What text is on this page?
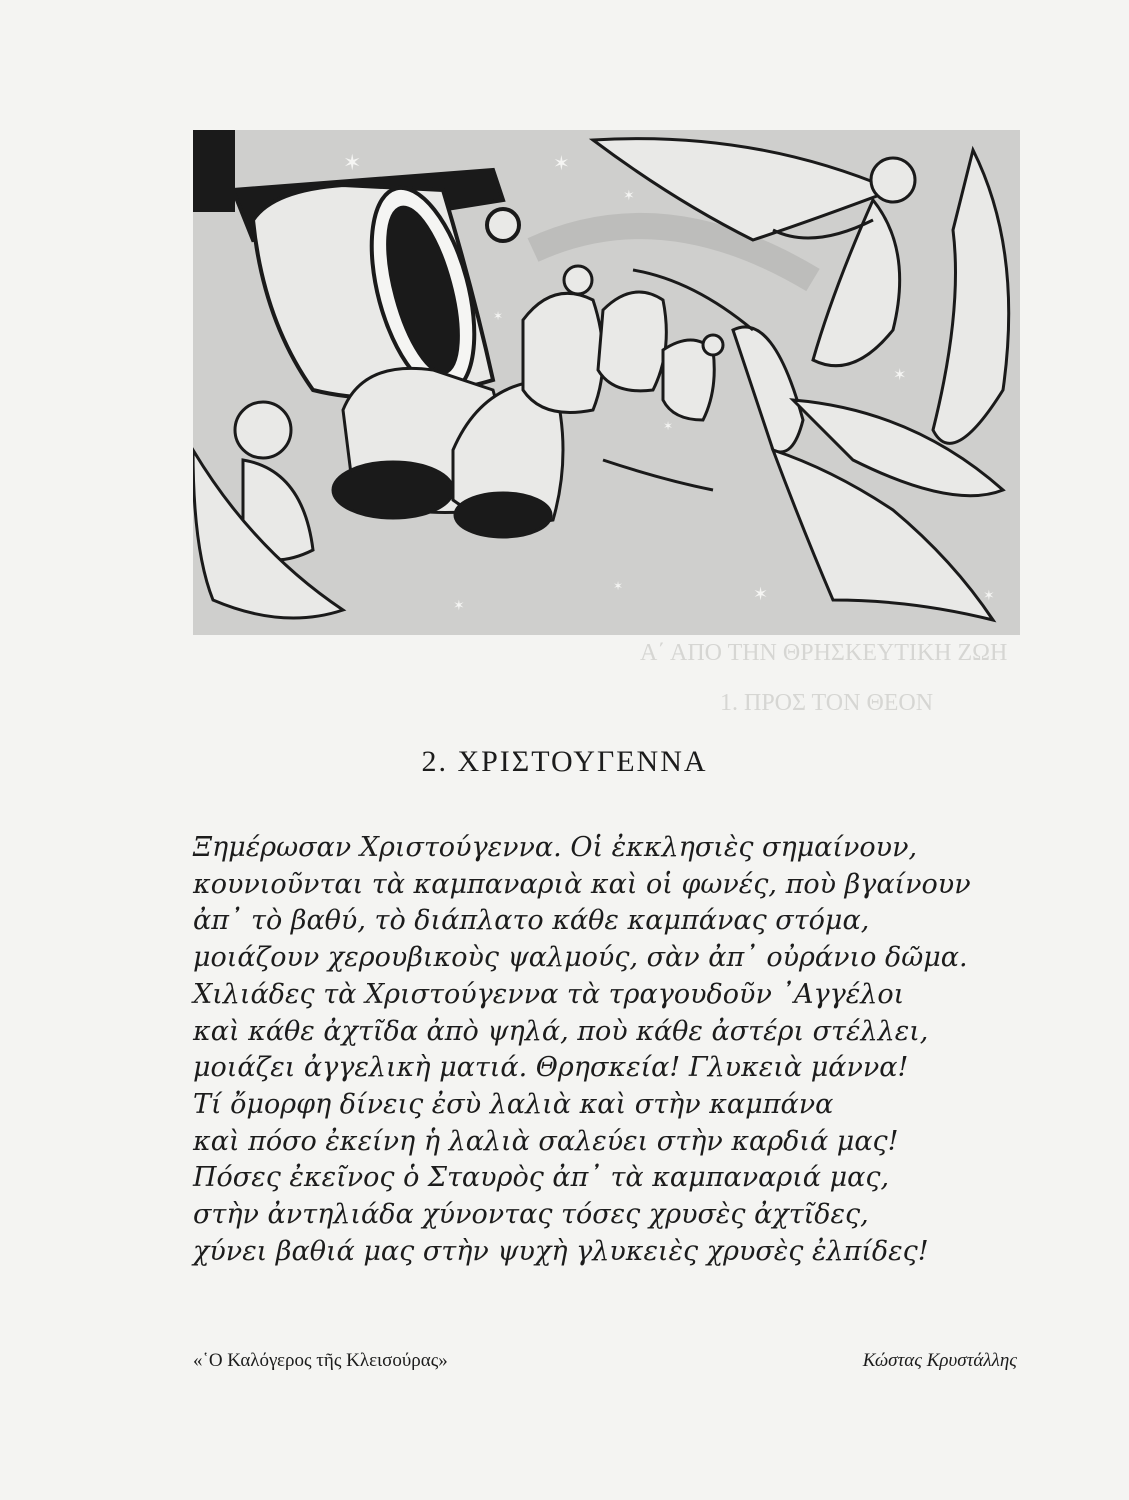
Α΄ ΑΠΟ ΤΗΝ ΘΡΗΣΚΕΥΤΙΚΗ ΖΩΗ
1. ΠΡΟΣ ΤΟΝ ΘΕΟΝ
✶	✶
✶
✶
✶
✶
✶
✶
✶
✶
✶
2. ΧΡΙΣΤΟΥΓΕΝΝΑ
Ξημέρωσαν Χριστούγεννα. Οἱ ἐκκλησιὲς σημαίνουν,
κουνιοῦνται τὰ καμπαναριὰ καὶ οἱ φωνές, ποὺ βγαίνουν
ἀπ᾿ τὸ βαθύ, τὸ διάπλατο κάθε καμπάνας στόμα,
μοιάζουν χερουβικοὺς ψαλμούς, σὰν ἀπ᾿ οὐράνιο δῶμα.
Χιλιάδες τὰ Χριστούγεννα τὰ τραγουδοῦν ᾿Αγγέλοι
καὶ κάθε ἀχτῖδα ἀπὸ ψηλά, ποὺ κάθε ἀστέρι στέλλει,
μοιάζει ἀγγελικὴ ματιά. Θρησκεία! Γλυκειὰ μάννα!
Τί ὄμορφη δίνεις ἐσὺ λαλιὰ καὶ στὴν καμπάνα
καὶ πόσο ἐκείνη ἡ λαλιὰ σαλεύει στὴν καρδιά μας!
Πόσες ἐκεῖνος ὁ Σταυρὸς ἀπ᾿ τὰ καμπαναριά μας,
στὴν ἀντηλιάδα χύνοντας τόσες χρυσὲς ἀχτῖδες,
χύνει βαθιά μας στὴν ψυχὴ γλυκειὲς χρυσὲς ἐλπίδες!
«῾Ο Καλόγερος τῆς Κλεισούρας»	Κώστας Κρυστάλλης
